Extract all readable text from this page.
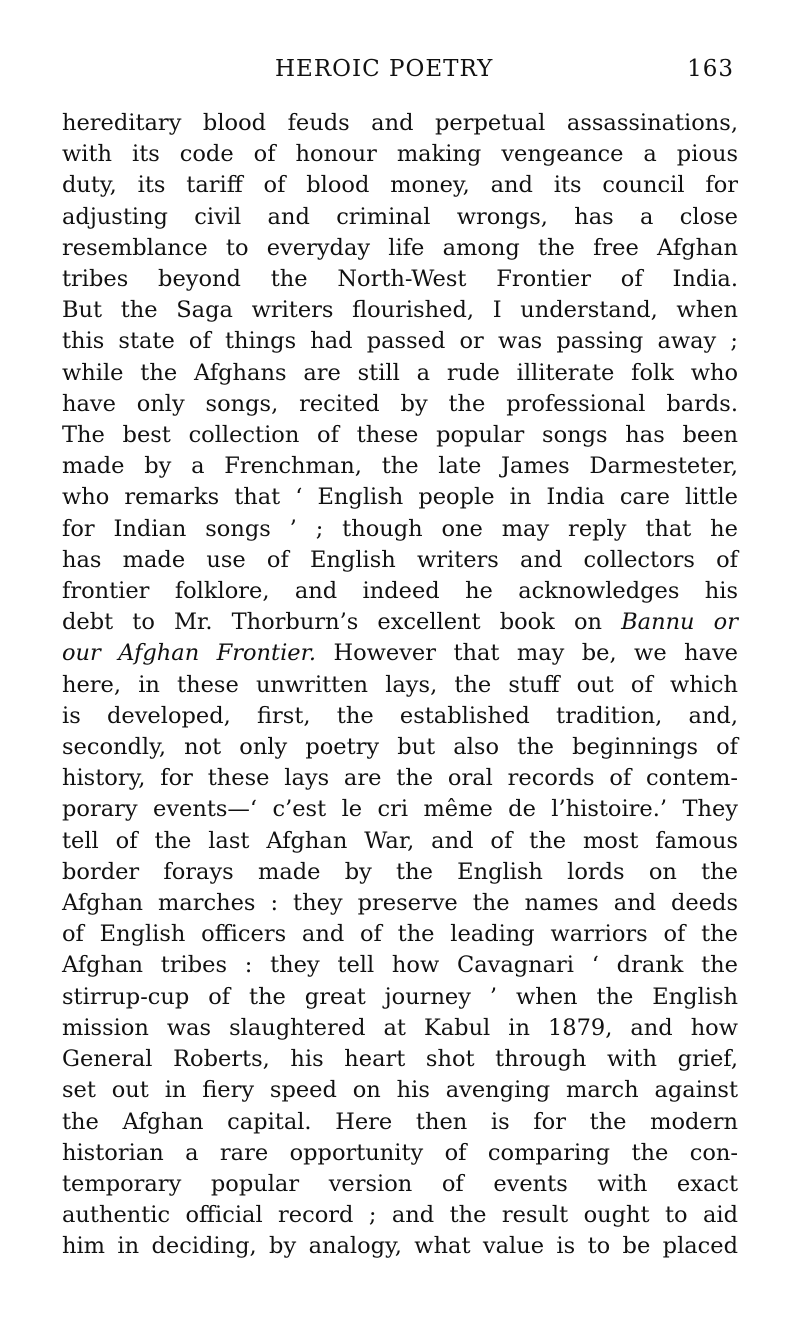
HEROIC POETRY	163
hereditary blood feuds and perpetual assassinations,
with its code of honour making vengeance a pious
duty, its tariff of blood money, and its council for
adjusting civil and criminal wrongs, has a close
resemblance to everyday life among the free Afghan
tribes beyond the North-West Frontier of India.
But the Saga writers flourished, I understand, when
this state of things had passed or was passing away ;
while the Afghans are still a rude illiterate folk who
have only songs, recited by the professional bards.
The best collection of these popular songs has been
made by a Frenchman, the late James Darmesteter,
who remarks that ‘ English people in India care little
for Indian songs ’ ; though one may reply that he
has made use of English writers and collectors of
frontier folklore, and indeed he acknowledges his
debt to Mr. Thorburn’s excellent book on Bannu or
our Afghan Frontier. However that may be, we have
here, in these unwritten lays, the stuff out of which
is developed, first, the established tradition, and,
secondly, not only poetry but also the beginnings of
history, for these lays are the oral records of contem-
porary events—‘ c’est le cri même de l’histoire.’ They
tell of the last Afghan War, and of the most famous
border forays made by the English lords on the
Afghan marches : they preserve the names and deeds
of English officers and of the leading warriors of the
Afghan tribes : they tell how Cavagnari ‘ drank the
stirrup-cup of the great journey ’ when the English
mission was slaughtered at Kabul in 1879, and how
General Roberts, his heart shot through with grief,
set out in fiery speed on his avenging march against
the Afghan capital. Here then is for the modern
historian a rare opportunity of comparing the con-
temporary popular version of events with exact
authentic official record ; and the result ought to aid
him in deciding, by analogy, what value is to be placed
